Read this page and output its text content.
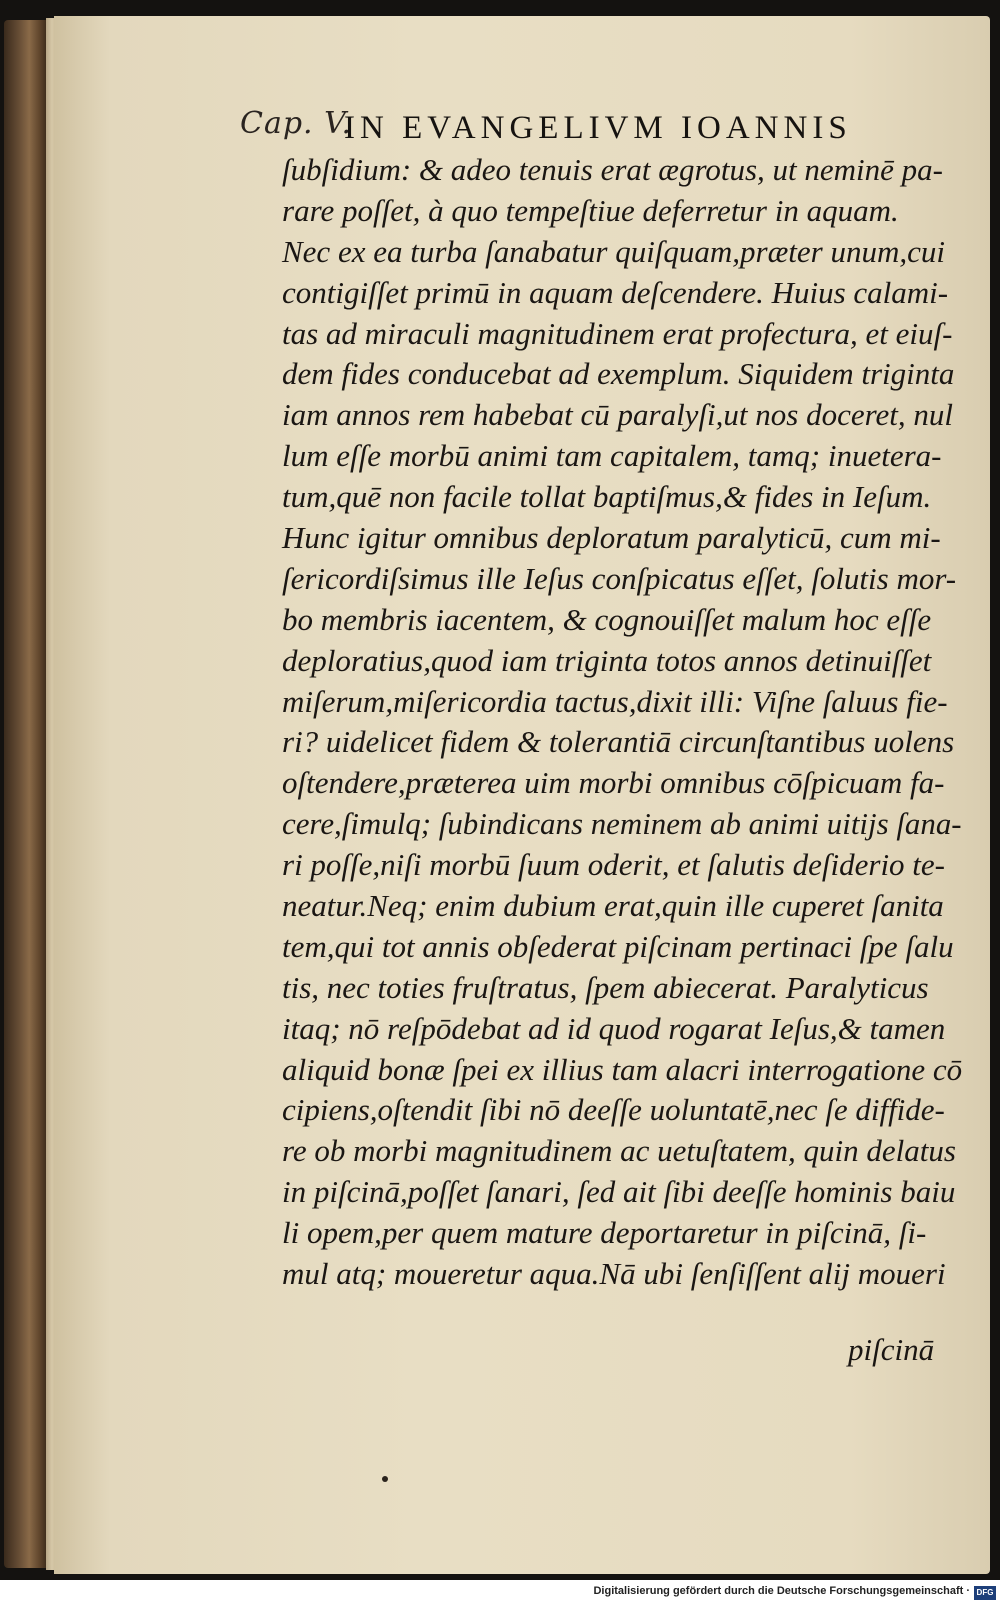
Cap. V.
IN EVANGELIVM IOANNIS
ſubſidium: & adeo tenuis erat ægrotus, ut neminē pa-
rare poſſet, à quo tempeſtiue deferretur in aquam.
Nec ex ea turba ſanabatur quiſquam,præter unum,cui
contigiſſet primū in aquam deſcendere. Huius calami-
tas ad miraculi magnitudinem erat profectura, et eiuſ-
dem fides conducebat ad exemplum. Siquidem triginta
iam annos rem habebat cū paralyſi,ut nos doceret, nul
lum eſſe morbū animi tam capitalem, tamq; inuetera-
tum,quē non facile tollat baptiſmus,& fides in Ieſum.
Hunc igitur omnibus deploratum paralyticū, cum mi-
ſericordiſsimus ille Ieſus conſpicatus eſſet, ſolutis mor-
bo membris iacentem, & cognouiſſet malum hoc eſſe
deploratius,quod iam triginta totos annos detinuiſſet
miſerum,miſericordia tactus,dixit illi: Viſne ſaluus fie-
ri? uidelicet fidem & tolerantiā circunſtantibus uolens
oſtendere,præterea uim morbi omnibus cōſpicuam fa-
cere,ſimulq; ſubindicans neminem ab animi uitijs ſana-
ri poſſe,niſi morbū ſuum oderit, et ſalutis deſiderio te-
neatur.Neq; enim dubium erat,quin ille cuperet ſanita
tem,qui tot annis obſederat piſcinam pertinaci ſpe ſalu
tis, nec toties fruſtratus, ſpem abiecerat. Paralyticus
itaq; nō reſpōdebat ad id quod rogarat Ieſus,& tamen
aliquid bonæ ſpei ex illius tam alacri interrogatione cō
cipiens,oſtendit ſibi nō deeſſe uoluntatē,nec ſe diffide-
re ob morbi magnitudinem ac uetuſtatem, quin delatus
in piſcinā,poſſet ſanari, ſed ait ſibi deeſſe hominis baiu
li opem,per quem mature deportaretur in piſcinā, ſi-
mul atq; moueretur aqua.Nā ubi ſenſiſſent alij moueri
piſcinā
Digitalisierung gefördert durch die Deutsche Forschungsgemeinschaft · DFG
